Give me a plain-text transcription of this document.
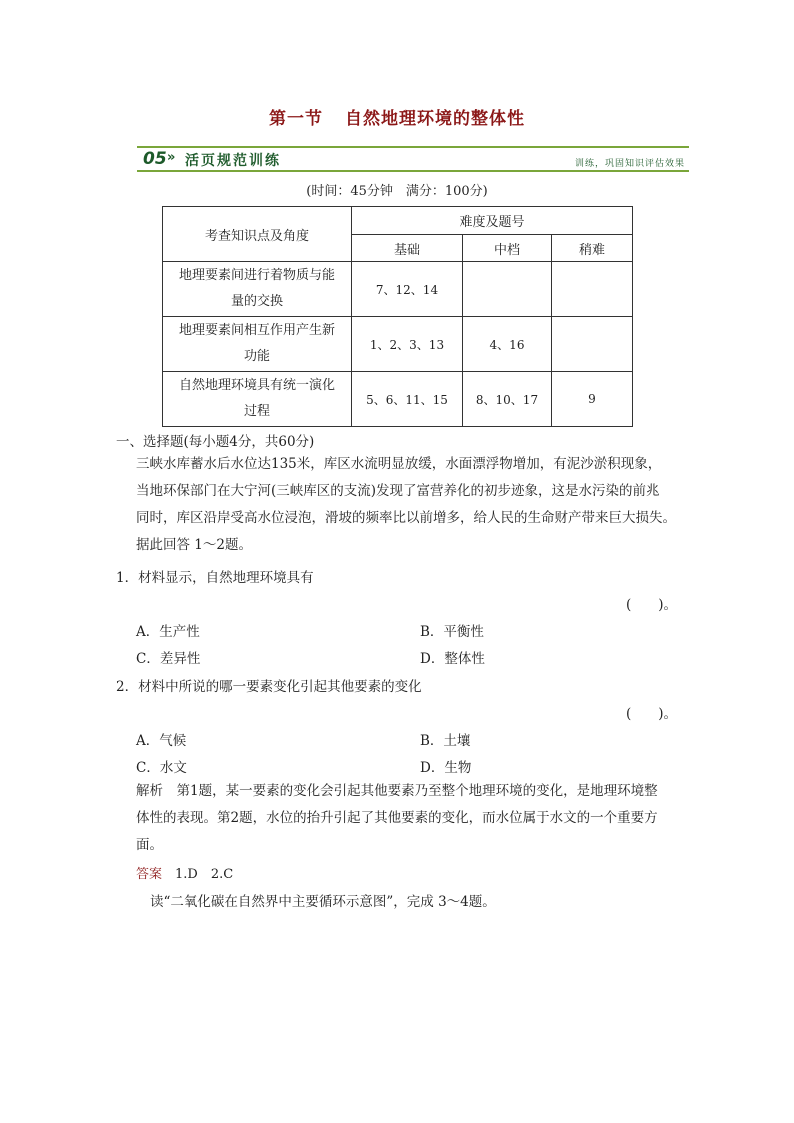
第一节 自然地理环境的整体性
05 » 活页规范训练	训练，巩固知识评估效果
(时间：45分钟　满分：100分)
考查知识点及角度	难度及题号		
	基础	中档	稍难

地理要素间进行着物质与能
量的交换	7、12、14		

地理要素间相互作用产生新
功能	1、2、3、13	4、16	

自然地理环境具有统一演化
过程	5、6、11、15	8、10、17	9
一、选择题(每小题4分，共60分)
三峡水库蓄水后水位达135米，库区水流明显放缓，水面漂浮物增加，有泥沙淤积现象，
当地环保部门在大宁河(三峡库区的支流)发现了富营养化的初步迹象，这是水污染的前兆
同时，库区沿岸受高水位浸泡，滑坡的频率比以前增多，给人民的生命财产带来巨大损失。
据此回答 1～2题。
1．材料显示，自然地理环境具有
(　　)。
A．生产性	B．平衡性
C．差异性	D．整体性
2．材料中所说的哪一要素变化引起其他要素的变化
(　　)。
A．气候	B．土壤
C．水文	D．生物
解析　 第1题，某一要素的变化会引起其他要素乃至整个地理环境的变化，是地理环境整
体性的表现。第2题，水位的抬升引起了其他要素的变化，而水位属于水文的一个重要方
面。
答案　 1.D　2.C
读“二氧化碳在自然界中主要循环示意图”，完成 3～4题。
